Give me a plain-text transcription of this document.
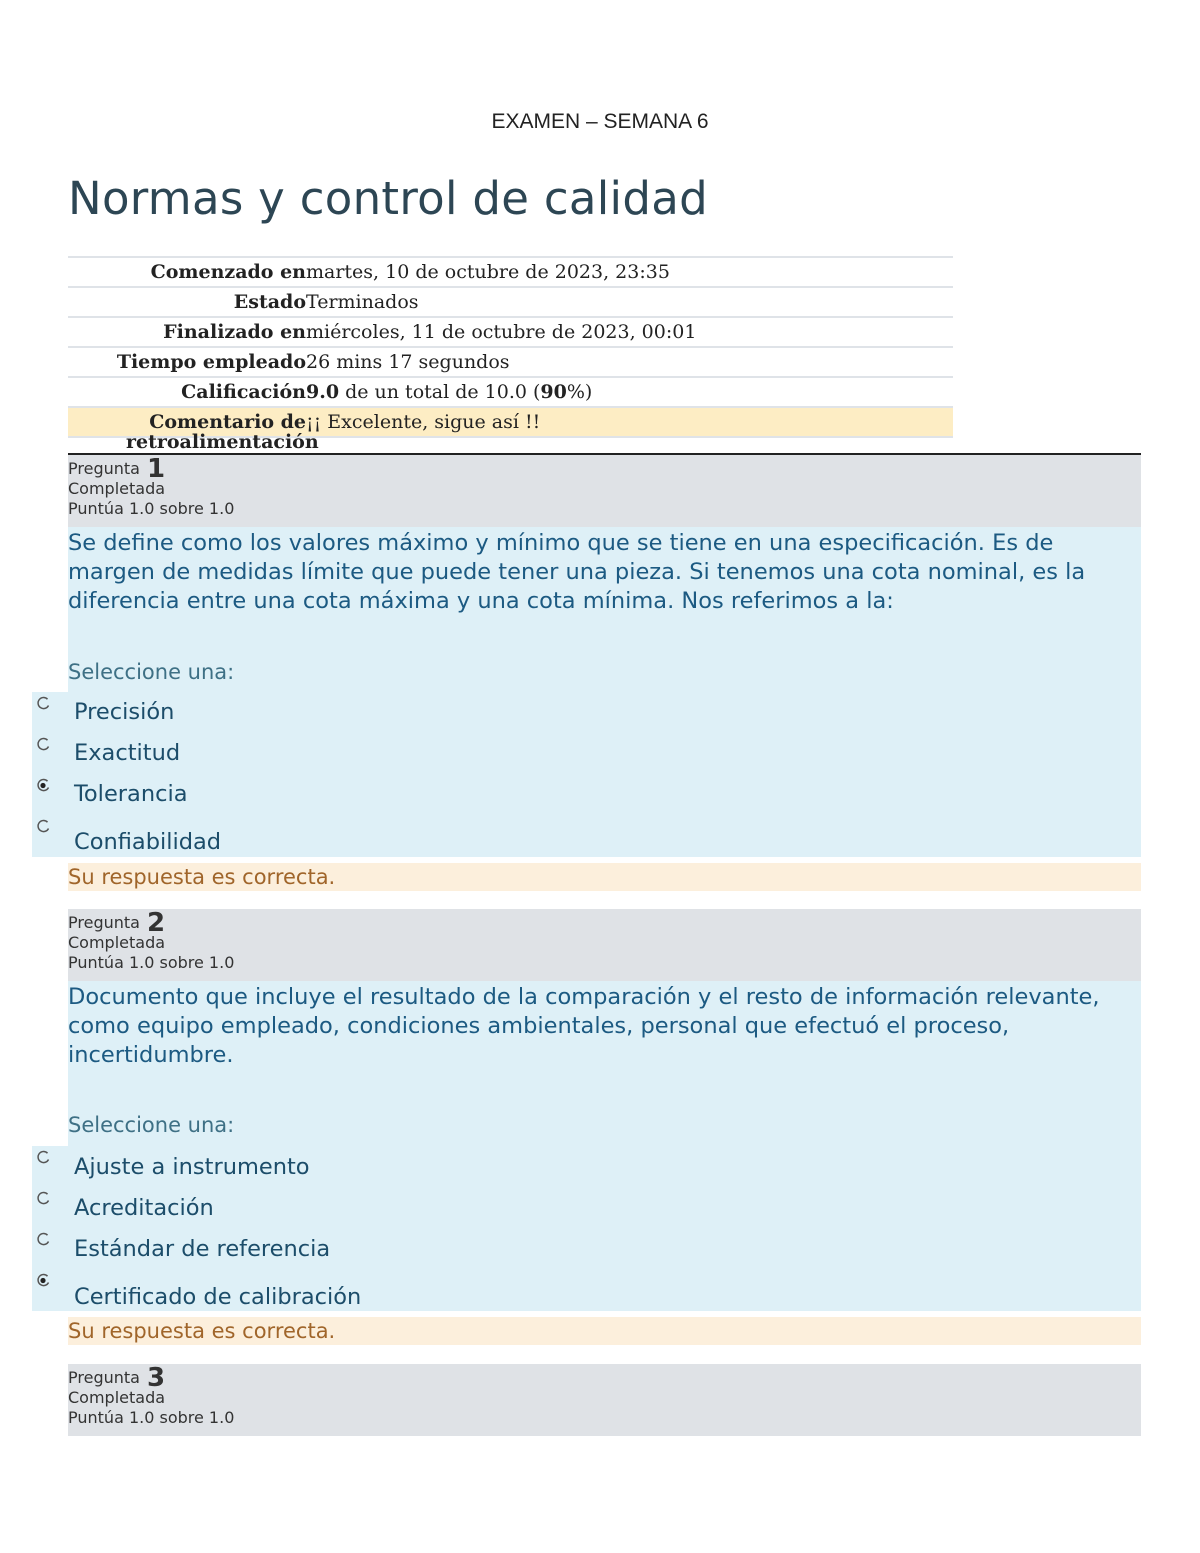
EXAMEN – SEMANA 6
Normas y control de calidad
Comenzado en martes, 10 de octubre de 2023, 23:35
Estado Terminados
Finalizado en miércoles, 11 de octubre de 2023, 00:01
Tiempo empleado 26 mins 17 segundos
Calificación 9.0 de un total de 10.0 (90%)
Comentario de ¡¡ Excelente, sigue así !!
retroalimentación
Pregunta
1
Completada
Puntúa 1.0 sobre 1.0

Se define como los valores máximo y mínimo que se tiene en una especificación. Es de margen de medidas límite que puede tener una pieza. Si tenemos una cota nominal, es la diferencia entre una cota máxima y una cota mínima. Nos referimos a la:

Seleccione una:
Precisión
Exactitud
Tolerancia
Confiabilidad
Su respuesta es correcta.
Pregunta
2
Completada
Puntúa 1.0 sobre 1.0

Documento que incluye el resultado de la comparación y el resto de información relevante, como equipo empleado, condiciones ambientales, personal que efectuó el proceso, incertidumbre.

Seleccione una:
Ajuste a instrumento
Acreditación
Estándar de referencia
Certificado de calibración
Su respuesta es correcta.
Pregunta
3
Completada
Puntúa 1.0 sobre 1.0
